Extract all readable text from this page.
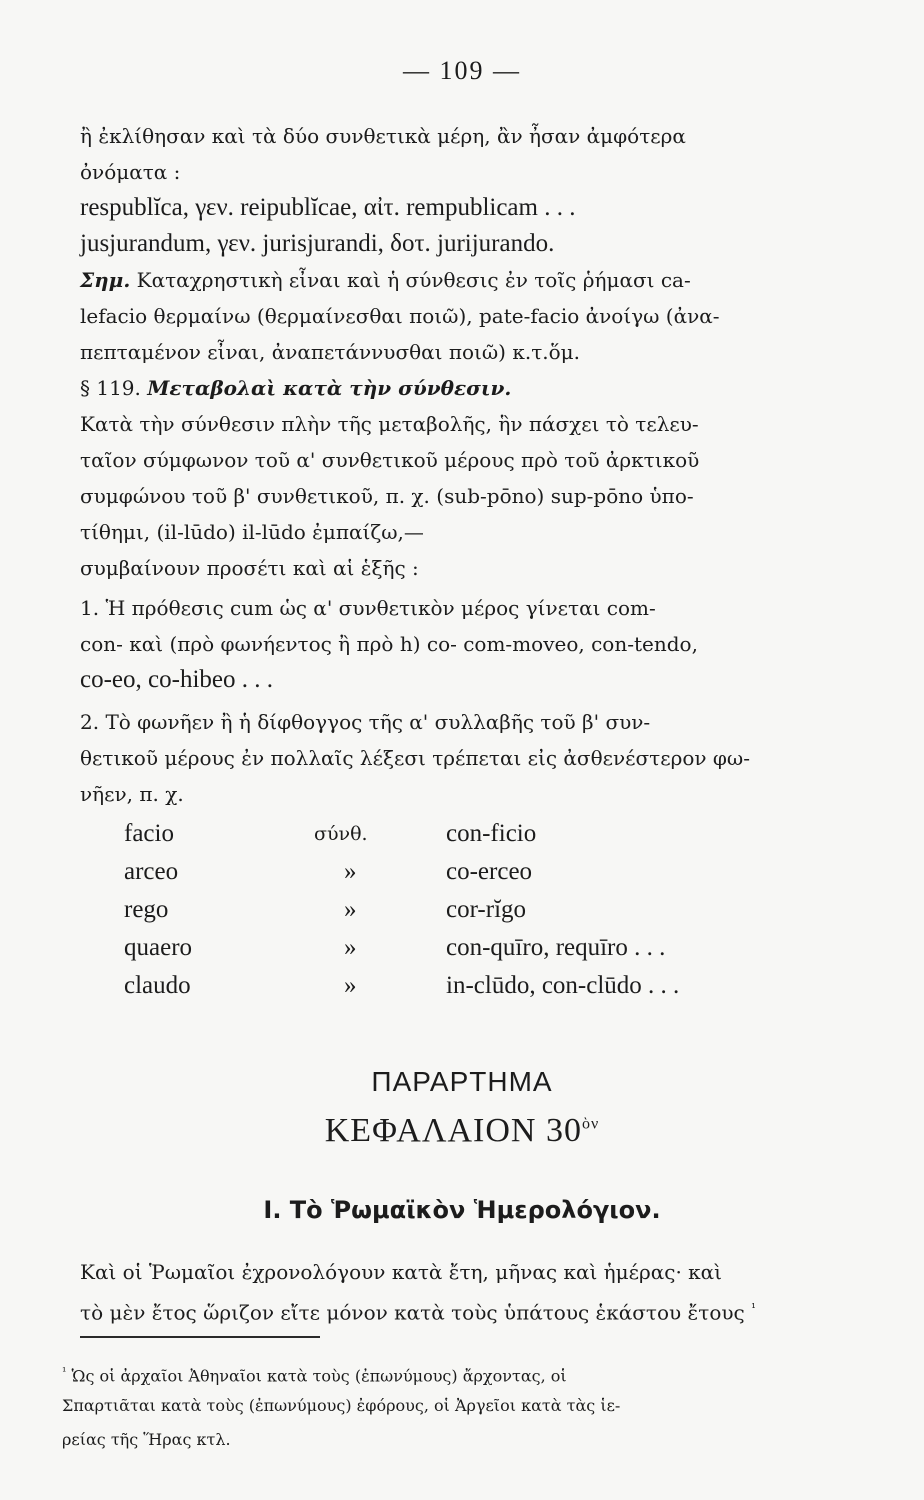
— 109 —
ἢ ἐκλίθησαν καὶ τὰ δύο συνθετικὰ μέρη, ἂν ἦσαν ἀμφότερα
ὀνόματα :
respublĭca, γεν. reipublĭcae, αἰτ. rempublicam . . .
jusjurandum, γεν. jurisjurandi, δοτ. jurijurando.
Σημ. Καταχρηστικὴ εἶναι καὶ ἡ σύνθεσις ἐν τοῖς ῥήμασι ca-
lefacio θερμαίνω (θερμαίνεσθαι ποιῶ), pate-facio ἀνοίγω (ἀνα-
πεπταμένον εἶναι, ἀναπετάννυσθαι ποιῶ) κ.τ.ὅμ.
§ 119. Μεταβολαὶ κατὰ τὴν σύνθεσιν.
Κατὰ τὴν σύνθεσιν πλὴν τῆς μεταβολῆς, ἣν πάσχει τὸ τελευ-
ταῖον σύμφωνον τοῦ α' συνθετικοῦ μέρους πρὸ τοῦ ἀρκτικοῦ
συμφώνου τοῦ β' συνθετικοῦ, π. χ. (sub-pōno) sup-pōno ὑπο-
τίθημι, (il-lūdo) il-lūdo ἐμπαίζω,—
συμβαίνουν προσέτι καὶ αἱ ἑξῆς :
1. Ἡ πρόθεσις cum ὡς α' συνθετικὸν μέρος γίνεται com-
con- καὶ (πρὸ φωνήεντος ἢ πρὸ h) co- com-moveo, con-tendo,
co-eo, co-hibeo . . .
2. Τὸ φωνῆεν ἢ ἡ δίφθογγος τῆς α' συλλαβῆς τοῦ β' συν-
θετικοῦ μέρους ἐν πολλαῖς λέξεσι τρέπεται εἰς ἀσθενέστερον φω-
νῆεν, π. χ.
facio	σύνθ.	con-ficio
arceo	»	co-erceo
rego	»	cor-rĭgo
quaero	»	con-quīro, requīro . . .
claudo	»	in-clūdo, con-clūdo . . .
ΠΑΡΑΡΤΗΜΑ
ΚΕΦΑΛΑΙΟΝ $30^{ὸ\nu}$
I. Τὸ Ῥωμαϊκὸν Ἡμερολόγιον.
Καὶ οἱ Ῥωμαῖοι ἐχρονολόγουν κατὰ ἔτη, μῆνας καὶ ἡμέρας· καὶ
τὸ μὲν ἔτος ὥριζον εἴτε μόνον κατὰ τοὺς ὑπάτους ἑκάστου ἔτους $^{^1}$
$^{^1}$ Ὡς οἱ ἀρχαῖοι Ἀθηναῖοι κατὰ τοὺς (ἐπωνύμους) ἄρχοντας, οἱ
Σπαρτιᾶται κατὰ τοὺς (ἐπωνύμους) ἐφόρους, οἱ Ἀργεῖοι κατὰ τὰς ἱε-
ρείας τῆς Ἥρας κτλ.
